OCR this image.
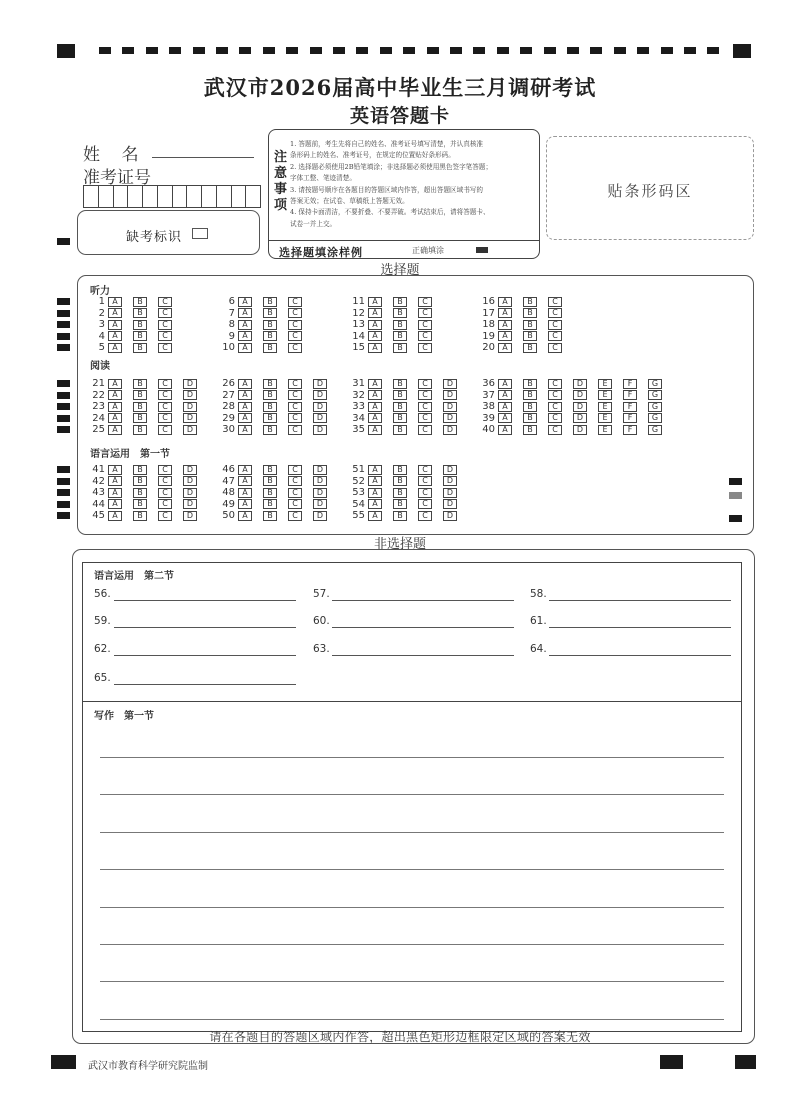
武汉市2026届高中毕业生三月调研考试
英语答题卡
姓    名
准考证号
缺考标识
注意事项
1. 答题前，考生先将自己的姓名、准考证号填写清楚，并认真核准
条形码上的姓名、准考证号，在规定的位置贴好条形码。
2. 选择题必须使用2B铅笔填涂；非选择题必须使用黑色签字笔答题；
字体工整、笔迹清楚。
3. 请按题号顺序在各题目的答题区域内作答，超出答题区域书写的
答案无效；在试卷、草稿纸上答题无效。
4. 保持卡面清洁，不要折叠、不要弄破。考试结束后，请将答题卡、
试卷一并上交。
选择题填涂样例	正确填涂
贴条形码区
选择题
听力
阅读
语言运用　第一节
1 A	B	C
2 A	B	C
3 A	B	C
4 A	B	C
5 A	B	C
6 A	B	C
7 A	B	C
8 A	B	C
9 A	B	C
10 A	B	C
11 A	B	C
12 A	B	C
13 A	B	C
14 A	B	C
15 A	B	C
16 A	B	C
17 A	B	C
18 A	B	C
19 A	B	C
20 A	B	C
21 A	B	C	D
22 A	B	C	D
23 A	B	C	D
24 A	B	C	D
25 A	B	C	D
26 A	B	C	D
27 A	B	C	D
28 A	B	C	D
29 A	B	C	D
30 A	B	C	D
31 A	B	C	D
32 A	B	C	D
33 A	B	C	D
34 A	B	C	D
35 A	B	C	D
36 A	B	C	D	E	F	G
37 A	B	C	D	E	F	G
38 A	B	C	D	E	F	G
39 A	B	C	D	E	F	G
40 A	B	C	D	E	F	G
41 A	B	C	D
42 A	B	C	D
43 A	B	C	D
44 A	B	C	D
45 A	B	C	D
46 A	B	C	D
47 A	B	C	D
48 A	B	C	D
49 A	B	C	D
50 A	B	C	D
51 A	B	C	D
52 A	B	C	D
53 A	B	C	D
54 A	B	C	D
55 A	B	C	D
非选择题
语言运用　第二节
56.	57.	58.
59.	60.	61.
62.	63.	64.
65.
写作　第一节
请在各题目的答题区域内作答，超出黑色矩形边框限定区域的答案无效
武汉市教育科学研究院监制
